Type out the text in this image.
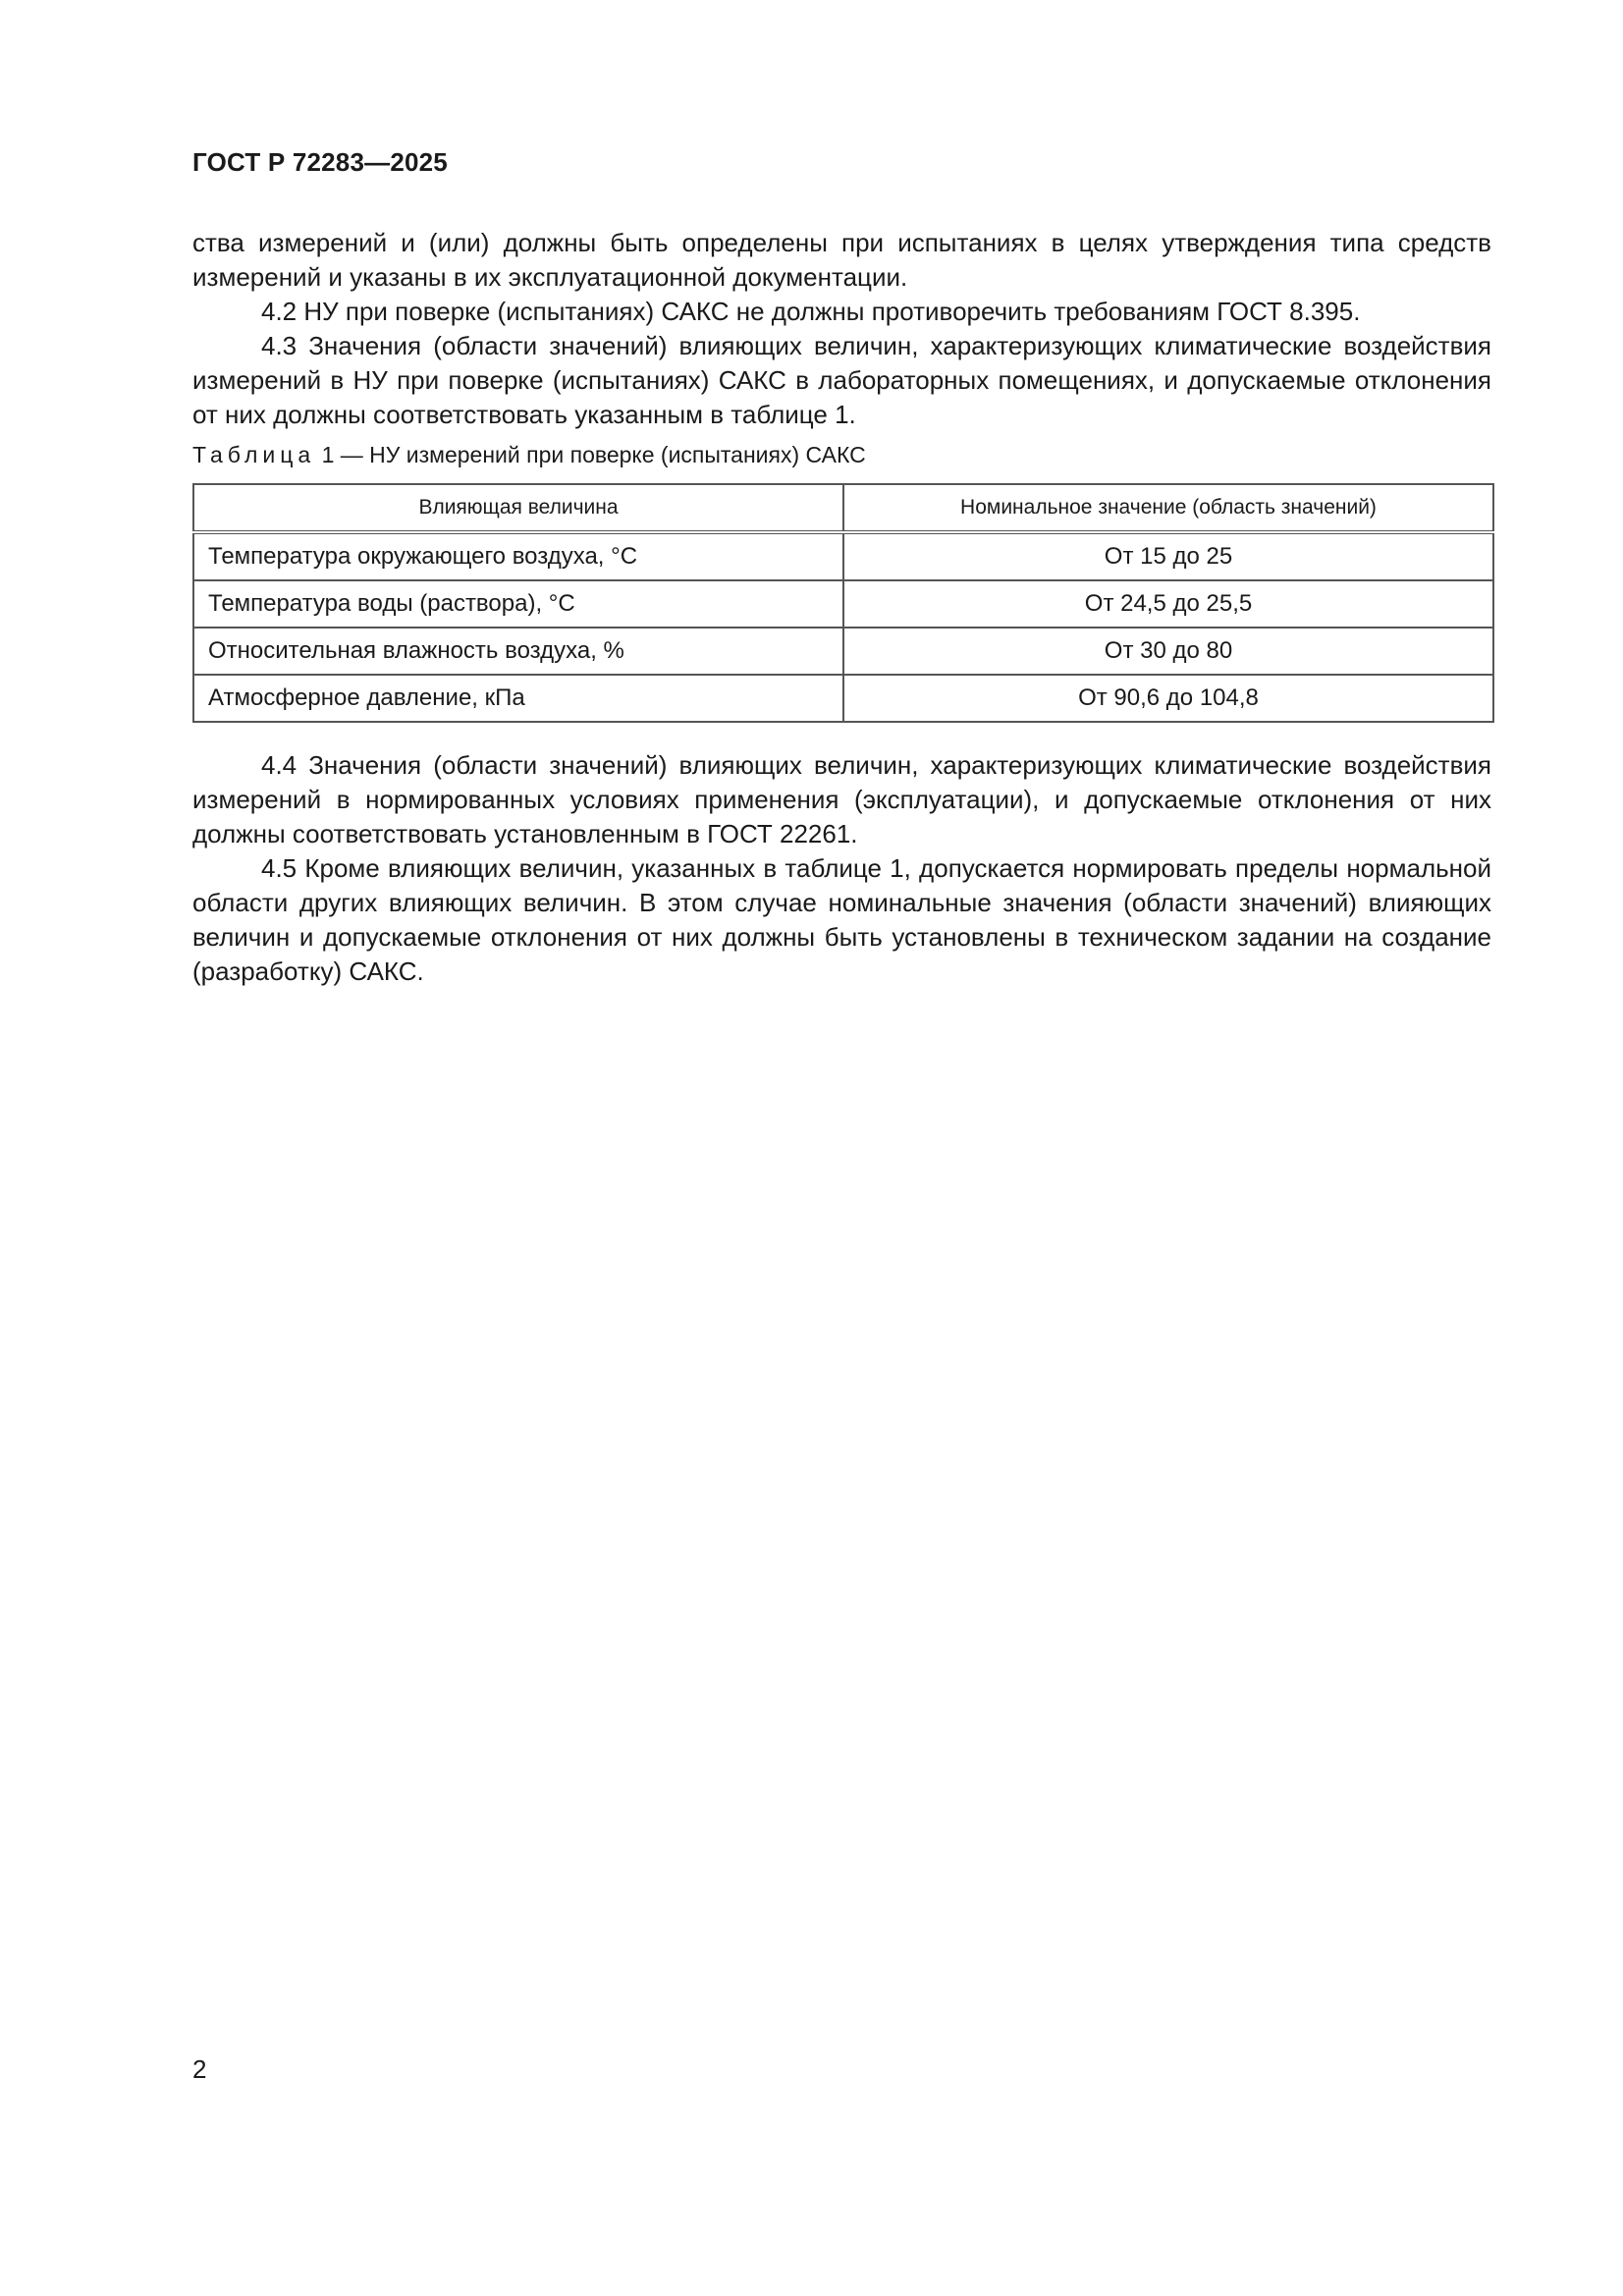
ГОСТ Р 72283—2025

ства измерений и (или) должны быть определены при испытаниях в целях утверждения типа средств измерений и указаны в их эксплуатационной документации.

4.2 НУ при поверке (испытаниях) САКС не должны противоречить требованиям ГОСТ 8.395.

4.3 Значения (области значений) влияющих величин, характеризующих климатические воздействия измерений в НУ при поверке (испытаниях) САКС в лабораторных помещениях, и допускаемые отклонения от них должны соответствовать указанным в таблице 1.

Таблица 1 — НУ измерений при поверке (испытаниях) САКС
Влияющая величина	Номинальное значение (область значений)
Температура окружающего воздуха, °С	От 15 до 25
Температура воды (раствора), °С	От 24,5 до 25,5
Относительная влажность воздуха, %	От 30 до 80
Атмосферное давление, кПа	От 90,6 до 104,8

4.4 Значения (области значений) влияющих величин, характеризующих климатические воздействия измерений в нормированных условиях применения (эксплуатации), и допускаемые отклонения от них должны соответствовать установленным в ГОСТ 22261.

4.5 Кроме влияющих величин, указанных в таблице 1, допускается нормировать пределы нормальной области других влияющих величин. В этом случае номинальные значения (области значений) влияющих величин и допускаемые отклонения от них должны быть установлены в техническом задании на создание (разработку) САКС.

2
